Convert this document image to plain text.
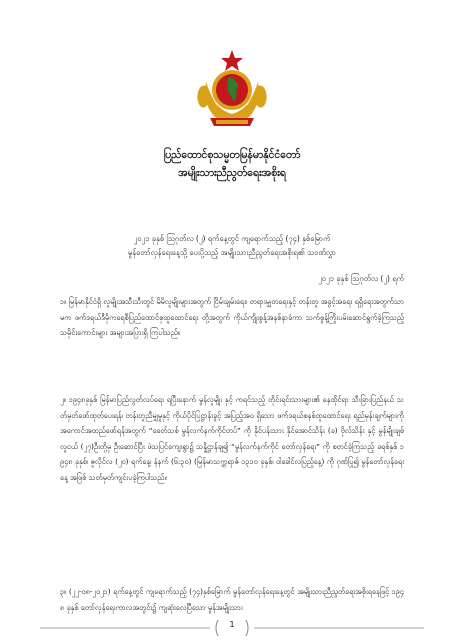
ပြည်ထောင်စုသမ္မတမြန်မာနိုင်ငံတော်
အမျိုးသားညီညွတ်ရေးအစိုးရ
၂၀၂၁ ခုနှစ် ဩဂုတ်လ (၂) ရက်နေ့တွင် ကျရောက်သည့် (၇၄) နှစ်မြောက်
မွန်တော်လှန်ရေးနေ့သို့ ပေးပို့သည့် အမျိုးသားညီညွတ်ရေးအစိုးရ၏ သဝဏ်လွှာ
၂၀၂၁ ခုနှစ် ဩဂုတ်လ (၂) ရက်
၁။ မြန်မာနိုင်ငံရှိ လူမျိုးအသီးသီးတွင် မိမိလူမျိုးများအတွက် ငြိမ်းချမ်းရေး၊ တရားမျှတရေးနှင့် တန်းတူ အခွင့်အရေး ရရှိရေးအတွက်သာမက ဖက်ဒရယ်ဒီမိုကရေစီပြည်ထောင်စုထူထောင်ရေး တို့အတွက် ကိုယ်ကျိုးစွန့်အနစ်နာခံကာ သက်စွန့်ကြိုးပမ်းဆောင်ရွက်ခဲ့ကြသည့် သမိုင်းကောင်းများ အများအပြားရှိ ကြပါသည်။
၂။ ၁၉၄၈ခုနှစ် မြန်မာပြည်လွတ်လပ်ရေး ရပြီးနောက် မွန်လူမျိုး နှင့် ကရင်သည့် တိုင်းရင်းသားများ၏ နေထိုင်ရာ သီးခြားပြည်နယ် သတ်မှတ်ဖော်ထုတ်ပေးရန်၊ တန်းတူညီမျှမှုနှင့် ကိုယ်ပိုင်ပြဋ္ဌာန်းခွင့် အပြည့်အဝ ရှိသော ဖက်ဒရယ်စနစ်ထူထောင်ရေး ရည်မှန်းချက်များကို အကောင်အထည်ဖော်ရန်အတွက် “ခေတ်သစ် မွန်လက်နက်ကိုင်တပ်” ကို နိုင်ပန်းသား နိုင်အောင်သိန်း (ခ) ဗိုလ်သိန်း နှင့် မွန်မျိုးချစ် လူငယ် (၂၇)ဦးတို့မှ ဦးဆောင်ပြီး ဖဲသပြင်ကျေးရွာ၌ သန္နိဋ္ဌာန်ချ၍ “မွန်လက်နက်ကိုင် တော်လှန်ရေး” ကို စတင်ခဲ့ကြသည့် ခရစ်နှစ် ၁၉၄၈ ခုနှစ်၊ ဇူလိုင်လ (၂၀) ရက်နေ့၊ နံနက် (၆:၃၀) (မြန်မာသက္ကရာဇ် ၁၃၁၀ ခုနှစ်၊ ဝါခေါင်လပြည့်နေ့) ကို ဂုဏ်ပြု၍ မွန်တော်လှန်ရေးနေ့ အဖြစ် သတ်မှတ်ကျင်းပခဲ့ကြပါသည်။
၃။ (၂၂-၀၈-၂၀၂၁) ရက်နေ့တွင် ကျရောက်သည့် (၇၄)နှစ်မြောက် မွန်တော်လှန်ရေးနေ့တွင် အမျိုးသားညီညွတ်ရေးအစိုးရနေဖြင့် ၁၉၄၈ ခုနှစ် တော်လှန်ရေးကာလအတွင်း၌ ကျဆုံးလေပြီသော မွန်အမျိုးသား
1
